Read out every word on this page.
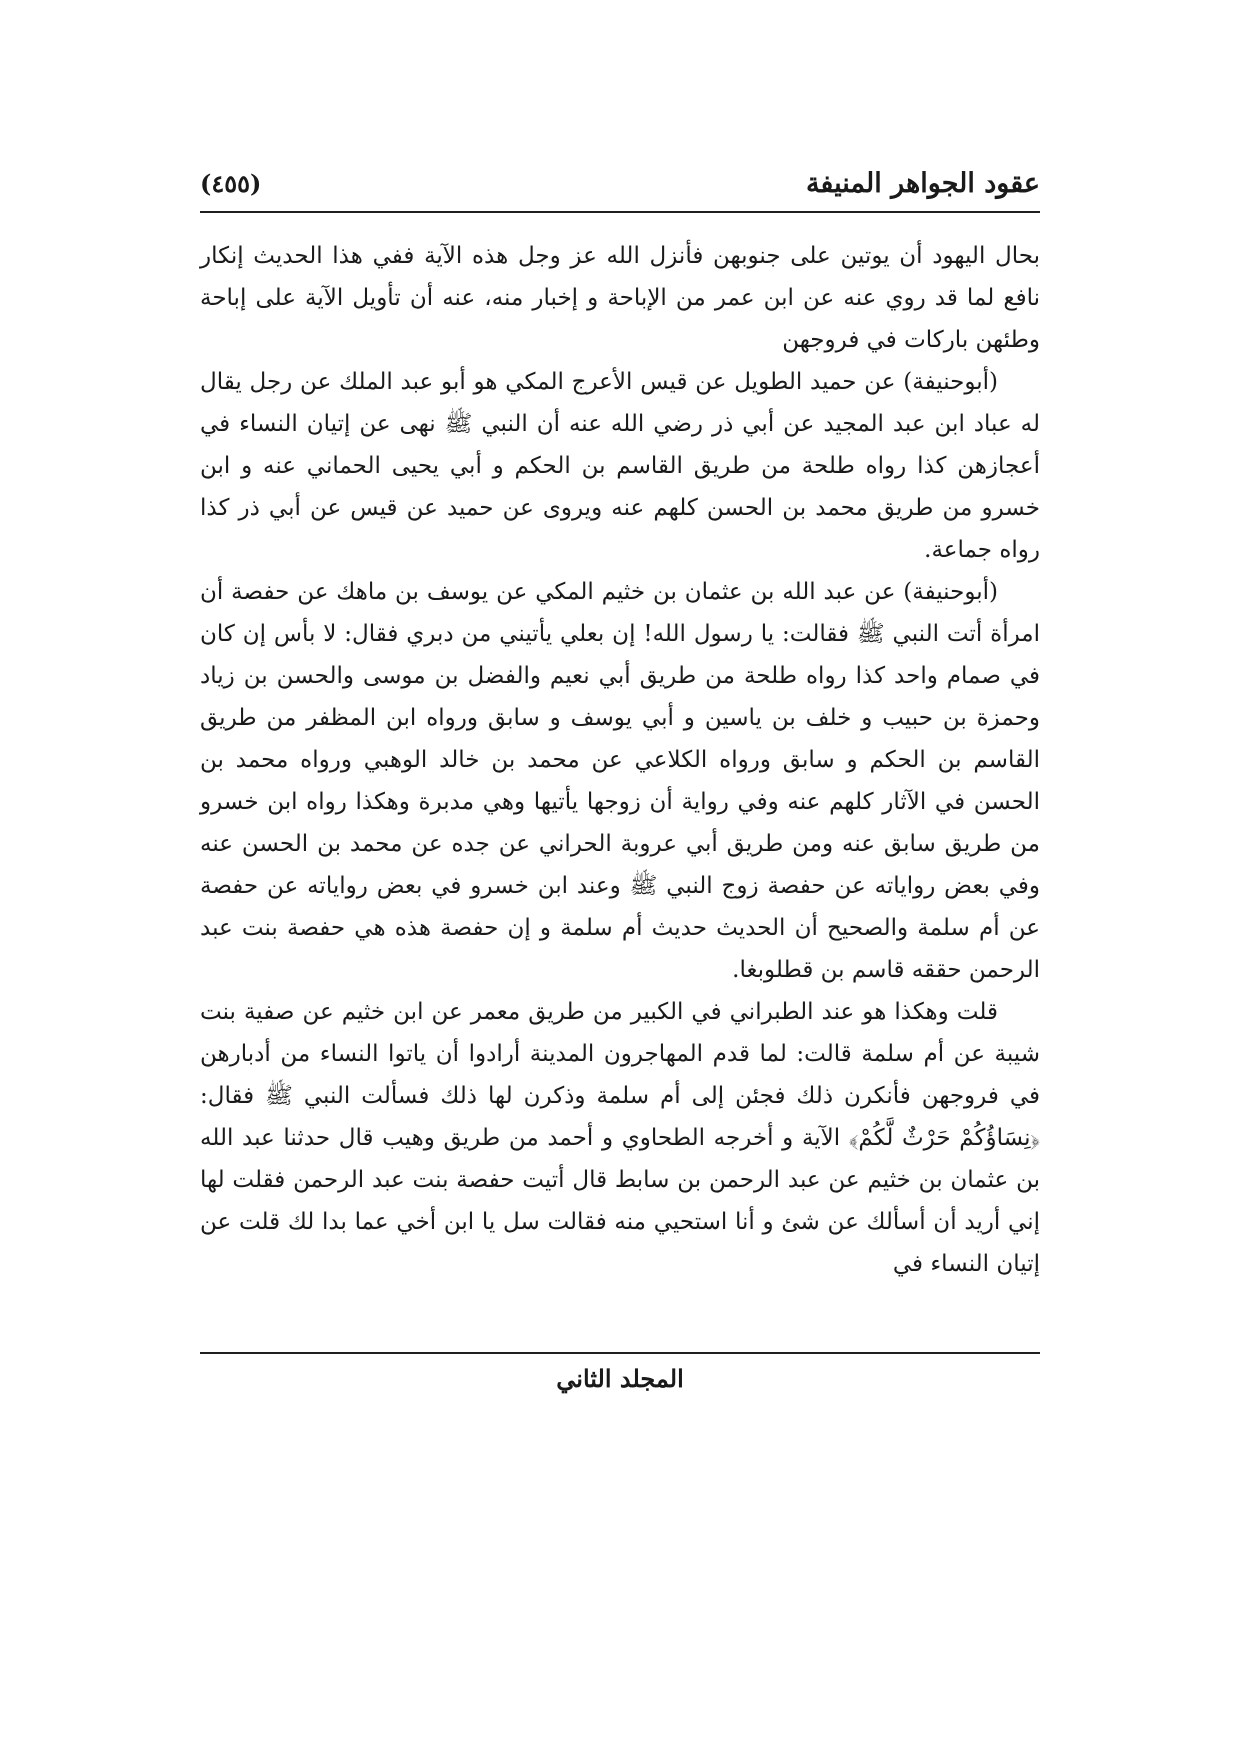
عقود الجواهر المنيفة
(٤٥٥)

بحال اليهود أن يوتين على جنوبهن فأنزل الله عز وجل هذه الآية ففي هذا الحديث إنكار نافع لما قد روي عنه عن ابن عمر من الإباحة و إخبار منه، عنه أن تأويل الآية على إباحة وطئهن باركات في فروجهن

(أبوحنيفة) عن حميد الطويل عن قيس الأعرج المكي هو أبو عبد الملك عن رجل يقال له عباد ابن عبد المجيد عن أبي ذر رضي الله عنه أن النبي ﷺ نهى عن إتيان النساء في أعجازهن كذا رواه طلحة من طريق القاسم بن الحكم و أبي يحيى الحماني عنه و ابن خسرو من طريق محمد بن الحسن كلهم عنه ويروى عن حميد عن قيس عن أبي ذر كذا رواه جماعة.

(أبوحنيفة) عن عبد الله بن عثمان بن خثيم المكي عن يوسف بن ماهك عن حفصة أن امرأة أتت النبي ﷺ فقالت: يا رسول الله! إن بعلي يأتيني من دبري فقال: لا بأس إن كان في صمام واحد كذا رواه طلحة من طريق أبي نعيم والفضل بن موسى والحسن بن زياد وحمزة بن حبيب و خلف بن ياسين و أبي يوسف و سابق ورواه ابن المظفر من طريق القاسم بن الحكم و سابق ورواه الكلاعي عن محمد بن خالد الوهبي ورواه محمد بن الحسن في الآثار كلهم عنه وفي رواية أن زوجها يأتيها وهي مدبرة وهكذا رواه ابن خسرو من طريق سابق عنه ومن طريق أبي عروبة الحراني عن جده عن محمد بن الحسن عنه وفي بعض رواياته عن حفصة زوج النبي ﷺ وعند ابن خسرو في بعض رواياته عن حفصة عن أم سلمة والصحيح أن الحديث حديث أم سلمة و إن حفصة هذه هي حفصة بنت عبد الرحمن حققه قاسم بن قطلوبغا.

قلت وهكذا هو عند الطبراني في الكبير من طريق معمر عن ابن خثيم عن صفية بنت شيبة عن أم سلمة قالت: لما قدم المهاجرون المدينة أرادوا أن ياتوا النساء من أدبارهن في فروجهن فأنكرن ذلك فجئن إلى أم سلمة وذكرن لها ذلك فسألت النبي ﷺ فقال: ﴿نِسَاؤُكُمْ حَرْثٌ لَّكُمْ﴾ الآية و أخرجه الطحاوي و أحمد من طريق وهيب قال حدثنا عبد الله بن عثمان بن خثيم عن عبد الرحمن بن سابط قال أتيت حفصة بنت عبد الرحمن فقلت لها إني أريد أن أسألك عن شئ و أنا استحيي منه فقالت سل يا ابن أخي عما بدا لك قلت عن إتيان النساء في

المجلد الثاني
